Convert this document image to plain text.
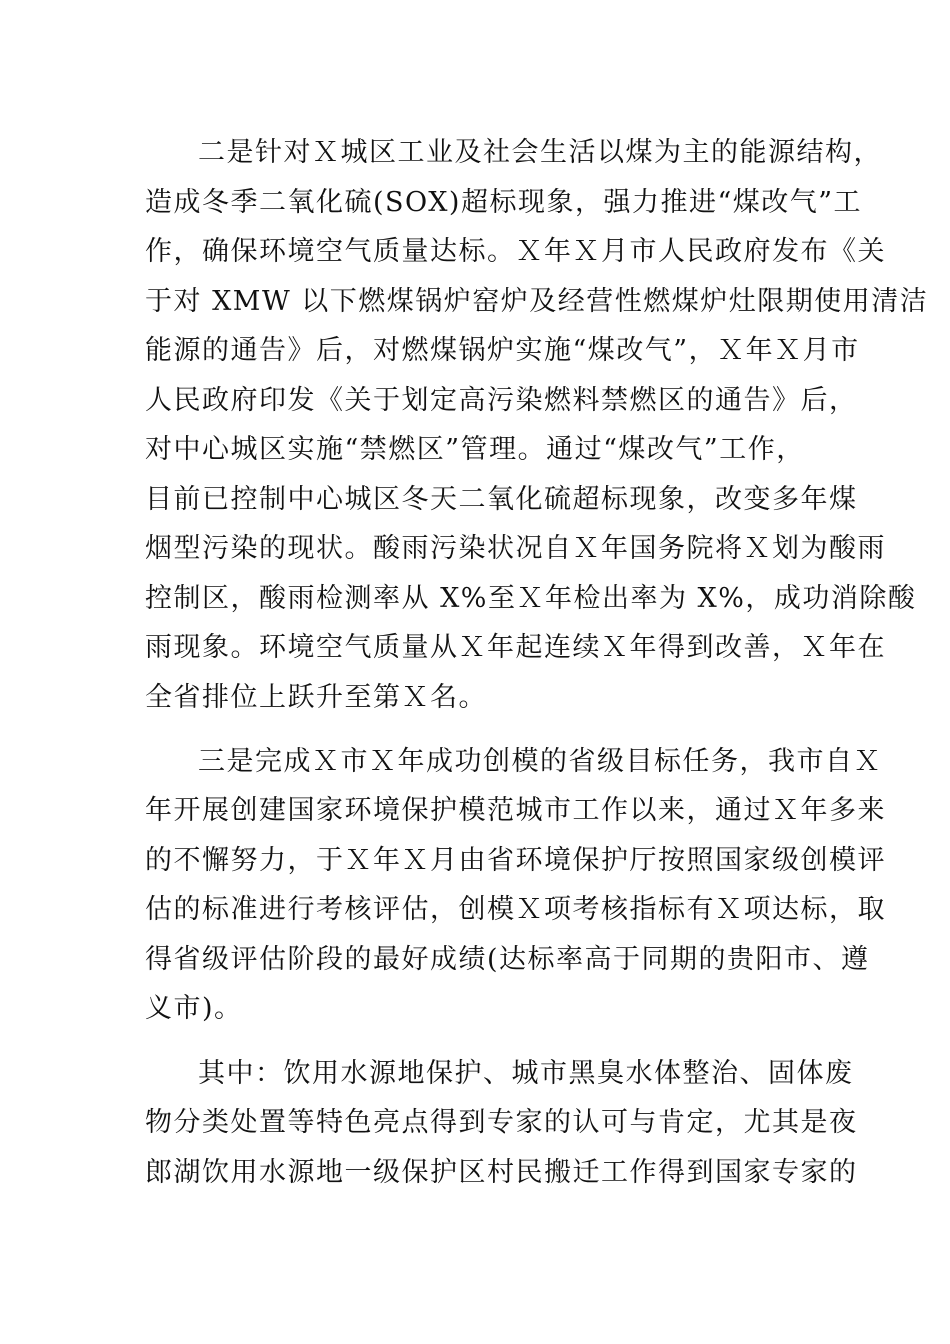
二是针对Ｘ城区工业及社会生活以煤为主的能源结构，
造成冬季二氧化硫(SOX)超标现象，强力推进“煤改气”工
作，确保环境空气质量达标。Ｘ年Ｘ月市人民政府发布《关
于对 XMW 以下燃煤锅炉窑炉及经营性燃煤炉灶限期使用清洁
能源的通告》后，对燃煤锅炉实施“煤改气”，Ｘ年Ｘ月市
人民政府印发《关于划定高污染燃料禁燃区的通告》后，
对中心城区实施“禁燃区”管理。通过“煤改气”工作，
目前已控制中心城区冬天二氧化硫超标现象，改变多年煤
烟型污染的现状。酸雨污染状况自Ｘ年国务院将Ｘ划为酸雨
控制区，酸雨检测率从 X%至Ｘ年检出率为 X%，成功消除酸
雨现象。环境空气质量从Ｘ年起连续Ｘ年得到改善，Ｘ年在
全省排位上跃升至第Ｘ名。
三是完成Ｘ市Ｘ年成功创模的省级目标任务，我市自Ｘ
年开展创建国家环境保护模范城市工作以来，通过Ｘ年多来
的不懈努力，于Ｘ年Ｘ月由省环境保护厅按照国家级创模评
估的标准进行考核评估，创模Ｘ项考核指标有Ｘ项达标，取
得省级评估阶段的最好成绩(达标率高于同期的贵阳市、遵
义市)。
其中：饮用水源地保护、城市黑臭水体整治、固体废
物分类处置等特色亮点得到专家的认可与肯定，尤其是夜
郎湖饮用水源地一级保护区村民搬迁工作得到国家专家的
